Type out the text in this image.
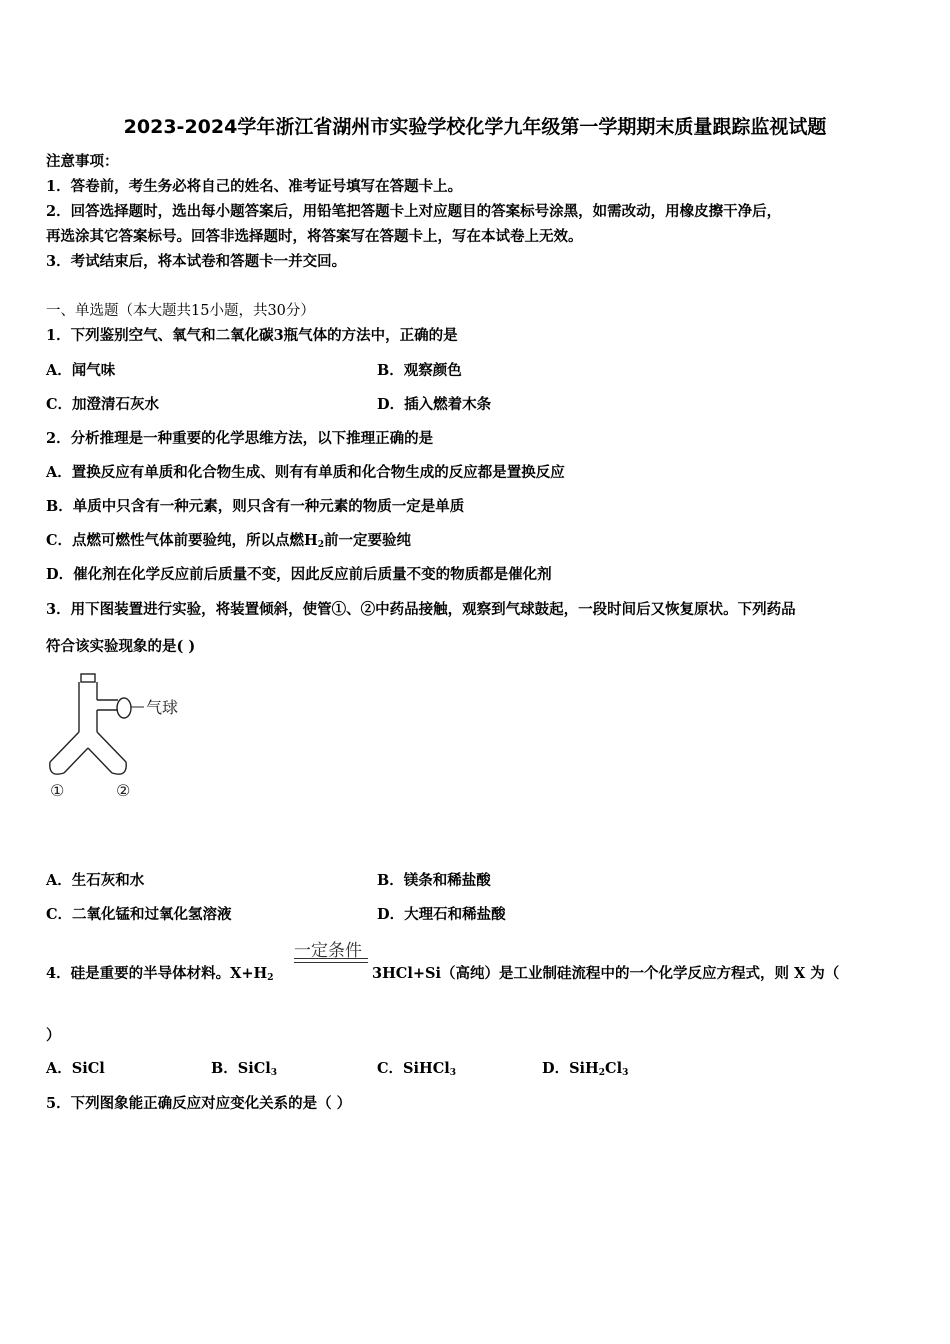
2023-2024学年浙江省湖州市实验学校化学九年级第一学期期末质量跟踪监视试题
注意事项：
1．答卷前，考生务必将自己的姓名、准考证号填写在答题卡上。
2．回答选择题时，选出每小题答案后，用铅笔把答题卡上对应题目的答案标号涂黑，如需改动，用橡皮擦干净后，
再选涂其它答案标号。回答非选择题时，将答案写在答题卡上，写在本试卷上无效。
3．考试结束后，将本试卷和答题卡一并交回。
一、单选题（本大题共15小题，共30分）
1．下列鉴别空气、氧气和二氧化碳3瓶气体的方法中，正确的是
A．闻气味	B．观察颜色
C．加澄清石灰水	D．插入燃着木条
2．分析推理是一种重要的化学思维方法，以下推理正确的是
A．置换反应有单质和化合物生成、则有有单质和化合物生成的反应都是置换反应
B．单质中只含有一种元素，则只含有一种元素的物质一定是单质
C．点燃可燃性气体前要验纯，所以点燃$H_2$前一定要验纯
D．催化剂在化学反应前后质量不变，因此反应前后质量不变的物质都是催化剂
3．用下图装置进行实验，将装置倾斜，使管①、②中药品接触，观察到气球鼓起，一段时间后又恢复原状。下列药品
符合该实验现象的是( )
气球
①	②
A．生石灰和水	B．镁条和稀盐酸
C．二氧化锰和过氧化氢溶液	D．大理石和稀盐酸
一定条件
4．硅是重要的半导体材料。$X+H_2$	3HCl+Si（高纯）是工业制硅流程中的一个化学反应方程式，则 X 为（
）
A．SiCl	B．SiCl$_3$	C．SiHCl$_3$	D．$SiH_2Cl_3$
5．下列图象能正确反应对应变化关系的是（ ）
